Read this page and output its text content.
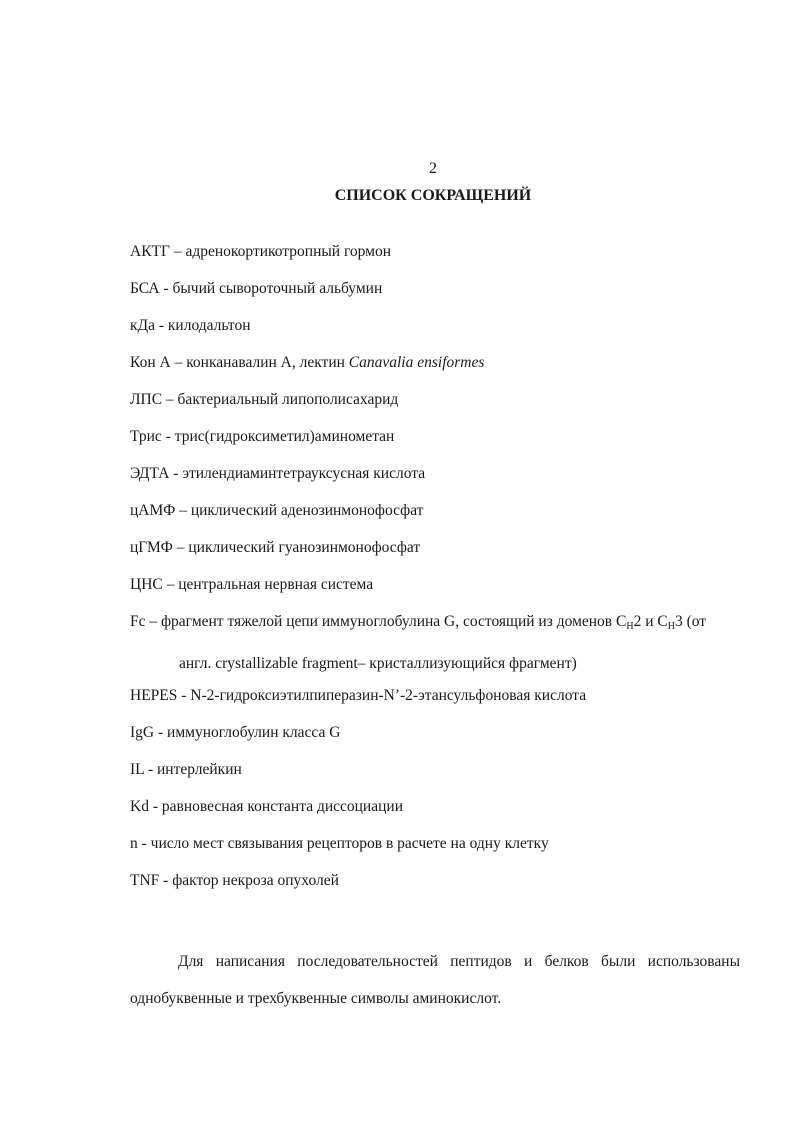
2
СПИСОК СОКРАЩЕНИЙ
АКТГ – адренокортикотропный гормон
БСА - бычий сывороточный альбумин
кДа - килодальтон
Кон А – конканавалин А, лектин Canavalia ensiformes
ЛПС – бактериальный липополисахарид
Трис - трис(гидроксиметил)аминометан
ЭДТА - этилендиаминтетрауксусная кислота
цАМФ – циклический аденозинмонофосфат
цГМФ – циклический гуанозинмонофосфат
ЦНС – центральная нервная система
Fc – фрагмент тяжелой цепи иммуноглобулина G, состоящий из доменов $C_H2$ и $C_H3$ (от
англ. crystallizable fragment– кристаллизующийся фрагмент)
HEPES - N-2-гидроксиэтилпиперазин-N’-2-этансульфоновая кислота
IgG - иммуноглобулин класса G
IL - интерлейкин
Kd - равновесная константа диссоциации
n - число мест связывания рецепторов в расчете на одну клетку
TNF - фактор некроза опухолей

Для написания последовательностей пептидов и белков были использованы однобуквенные и трехбуквенные символы аминокислот.
